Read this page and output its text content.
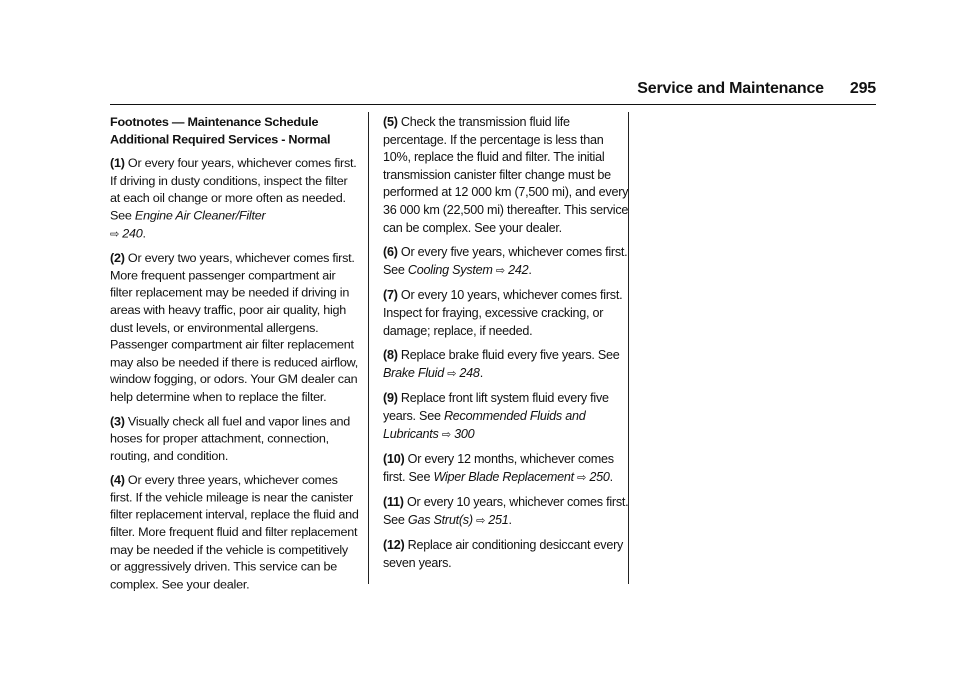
Service and Maintenance 295
Footnotes — Maintenance Schedule
Additional Required Services - Normal

(1) Or every four years, whichever comes first. If driving in dusty conditions, inspect the filter at each oil change or more often as needed. See Engine Air Cleaner/Filter
⇨ 240.

(2) Or every two years, whichever comes first. More frequent passenger compartment air filter replacement may be needed if driving in areas with heavy traffic, poor air quality, high dust levels, or environmental allergens. Passenger compartment air filter replacement may also be needed if there is reduced airflow, window fogging, or odors. Your GM dealer can help determine when to replace the filter.

(3) Visually check all fuel and vapor lines and hoses for proper attachment, connection, routing, and condition.

(4) Or every three years, whichever comes first. If the vehicle mileage is near the canister filter replacement interval, replace the fluid and filter. More frequent fluid and filter replacement may be needed if the vehicle is competitively or aggressively driven. This service can be complex. See your dealer.

(5) Check the transmission fluid life percentage. If the percentage is less than 10%, replace the fluid and filter. The initial transmission canister filter change must be performed at 12 000 km (7,500 mi), and every 36 000 km (22,500 mi) thereafter. This service can be complex. See your dealer.

(6) Or every five years, whichever comes first. See Cooling System ⇨ 242.

(7) Or every 10 years, whichever comes first. Inspect for fraying, excessive cracking, or damage; replace, if needed.

(8) Replace brake fluid every five years. See Brake Fluid ⇨ 248.

(9) Replace front lift system fluid every five years. See Recommended Fluids and Lubricants ⇨ 300

(10) Or every 12 months, whichever comes first. See Wiper Blade Replacement ⇨ 250.

(11) Or every 10 years, whichever comes first. See Gas Strut(s) ⇨ 251.

(12) Replace air conditioning desiccant every seven years.
